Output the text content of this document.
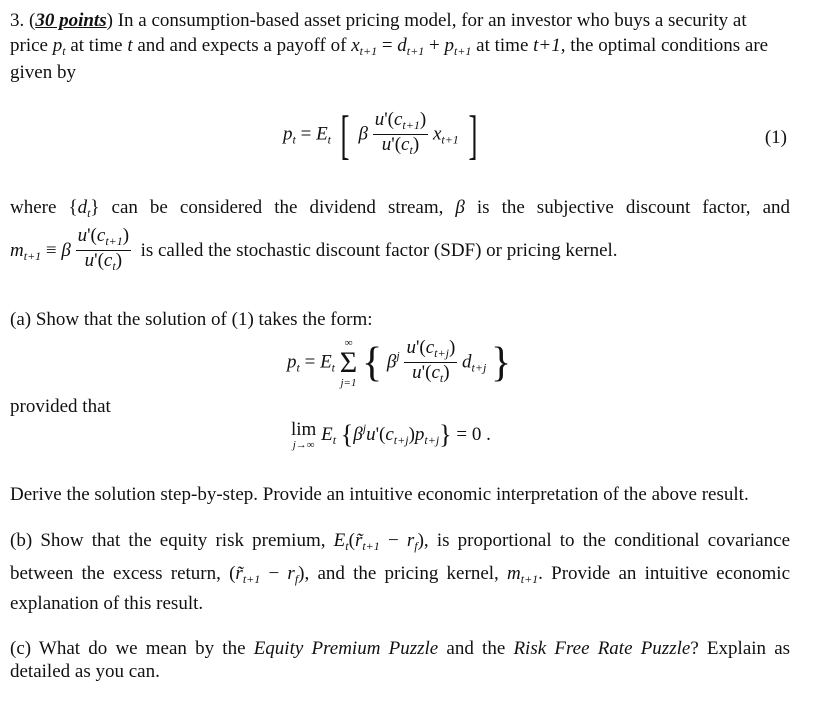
3. (30 points) In a consumption-based asset pricing model, for an investor who buys a security at
price $p_t$ at time t and and expects a payoff of $x_{t+1} = d_{t+1} + p_{t+1}$ at time t+1, the optimal conditions are
given by
$p_t = E_t$ [ β $\frac{u'(c_{t+1})}{u'(c_t)} x_{t+1}$ ]	(1)
where $\{d_t\}$ can be considered the dividend stream, β is the subjective discount factor, and
$m_{t+1} \equiv \beta \frac{u'(c_{t+1})}{u'(c_t)}$ is called the stochastic discount factor (SDF) or pricing kernel.
(a) Show that the solution of (1) takes the form:
$p_t = E_t$
∞
Σ
j=1 { $\beta^j \frac{u'(c_{t+j})}{u'(c_t)} d_{t+j}$ }
provided that
lim
j→∞ $E_t$ $\{\beta^ju'(c_{t+j})p_{t+j}\} = 0$ .
Derive the solution step-by-step. Provide an intuitive economic interpretation of the above result.
(b) Show that the equity risk premium, $E_t(r̃_{t+1} - r_f)$, is proportional to the conditional covariance
between the excess return, $(r̃_{t+1} - r_f)$, and the pricing kernel, $m_{t+1}$. Provide an intuitive economic
explanation of this result.
(c) What do we mean by the Equity Premium Puzzle and the Risk Free Rate Puzzle? Explain as
detailed as you can.
